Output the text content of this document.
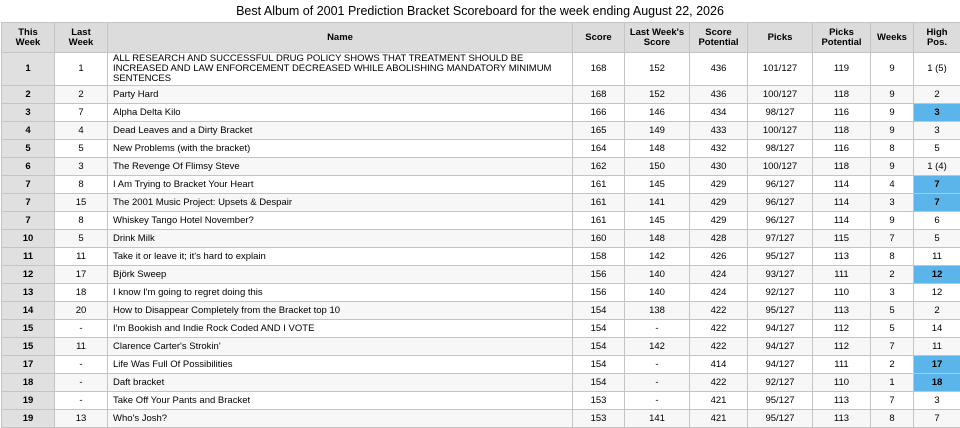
Best Album of 2001 Prediction Bracket Scoreboard for the week ending August 22, 2026
This Week	Last Week	Name	Score	Last Week's Score	Score Potential	Picks	Picks Potential	Weeks	High Pos.
1	1	ALL RESEARCH AND SUCCESSFUL DRUG POLICY SHOWS THAT TREATMENT SHOULD BE INCREASED AND LAW ENFORCEMENT DECREASED WHILE ABOLISHING MANDATORY MINIMUM SENTENCES	168	152	436	101/127	119	9	1 (5)
2	2	Party Hard	168	152	436	100/127	118	9	2
3	7	Alpha Delta Kilo	166	146	434	98/127	116	9	3
4	4	Dead Leaves and a Dirty Bracket	165	149	433	100/127	118	9	3
5	5	New Problems (with the bracket)	164	148	432	98/127	116	8	5
6	3	The Revenge Of Flimsy Steve	162	150	430	100/127	118	9	1 (4)
7	8	I Am Trying to Bracket Your Heart	161	145	429	96/127	114	4	7
7	15	The 2001 Music Project: Upsets & Despair	161	141	429	96/127	114	3	7
7	8	Whiskey Tango Hotel November?	161	145	429	96/127	114	9	6
10	5	Drink Milk	160	148	428	97/127	115	7	5
11	11	Take it or leave it; it's hard to explain	158	142	426	95/127	113	8	11
12	17	Björk Sweep	156	140	424	93/127	111	2	12
13	18	I know I'm going to regret doing this	156	140	424	92/127	110	3	12
14	20	How to Disappear Completely from the Bracket top 10	154	138	422	95/127	113	5	2
15	-	I'm Bookish and Indie Rock Coded AND I VOTE	154	-	422	94/127	112	5	14
15	11	Clarence Carter's Strokin'	154	142	422	94/127	112	7	11
17	-	Life Was Full Of Possibilities	154	-	414	94/127	111	2	17
18	-	Daft bracket	154	-	422	92/127	110	1	18
19	-	Take Off Your Pants and Bracket	153	-	421	95/127	113	7	3
19	13	Who's Josh?	153	141	421	95/127	113	8	7
